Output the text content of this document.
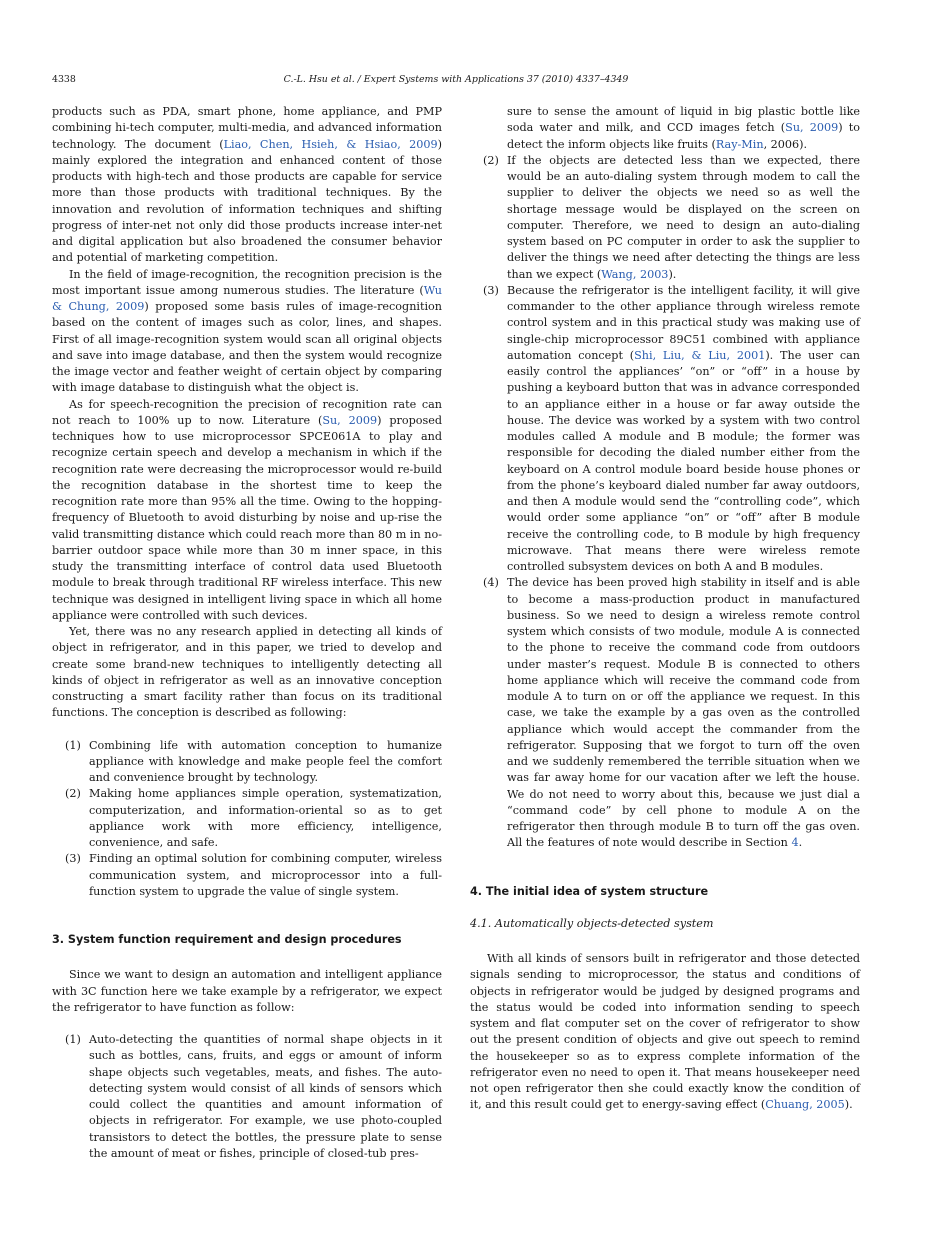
4338	C.-L. Hsu et al. / Expert Systems with Applications 37 (2010) 4337–4349

products such as PDA, smart phone, home appliance, and PMP combining hi-tech computer, multi-media, and advanced information technology. The document (Liao, Chen, Hsieh, & Hsiao, 2009) mainly explored the integration and enhanced content of those products with high-tech and those products are capable for service more than those products with traditional techniques. By the innovation and revolution of information techniques and shifting progress of inter-net not only did those products increase inter-net and digital application but also broadened the consumer behavior and potential of marketing competition.

In the field of image-recognition, the recognition precision is the most important issue among numerous studies. The literature (Wu & Chung, 2009) proposed some basis rules of image-recognition based on the content of images such as color, lines, and shapes. First of all image-recognition system would scan all original objects and save into image database, and then the system would recognize the image vector and feather weight of certain object by comparing with image database to distinguish what the object is.

As for speech-recognition the precision of recognition rate can not reach to 100% up to now. Literature (Su, 2009) proposed techniques how to use microprocessor SPCE061A to play and recognize certain speech and develop a mechanism in which if the recognition rate were decreasing the microprocessor would re-build the recognition database in the shortest time to keep the recognition rate more than 95% all the time. Owing to the hopping-frequency of Bluetooth to avoid disturbing by noise and up-rise the valid transmitting distance which could reach more than 80 m in no-barrier outdoor space while more than 30 m inner space, in this study the transmitting interface of control data used Bluetooth module to break through traditional RF wireless interface. This new technique was designed in intelligent living space in which all home appliance were controlled with such devices.

Yet, there was no any research applied in detecting all kinds of object in refrigerator, and in this paper, we tried to develop and create some brand-new techniques to intelligently detecting all kinds of object in refrigerator as well as an innovative conception constructing a smart facility rather than focus on its traditional functions. The conception is described as following:

(1) Combining life with automation conception to humanize appliance with knowledge and make people feel the comfort and convenience brought by technology.
(2) Making home appliances simple operation, systematization, computerization, and information-oriental so as to get appliance work with more efficiency, intelligence, convenience, and safe.
(3) Finding an optimal solution for combining computer, wireless communication system, and microprocessor into a full-function system to upgrade the value of single system.
3. System function requirement and design procedures

Since we want to design an automation and intelligent appliance with 3C function here we take example by a refrigerator, we expect the refrigerator to have function as follow:

(1) Auto-detecting the quantities of normal shape objects in it such as bottles, cans, fruits, and eggs or amount of inform shape objects such vegetables, meats, and fishes. The auto-detecting system would consist of all kinds of sensors which could collect the quantities and amount information of objects in refrigerator. For example, we use photo-coupled transistors to detect the bottles, the pressure plate to sense the amount of meat or fishes, principle of closed-tub pres-
sure to sense the amount of liquid in big plastic bottle like soda water and milk, and CCD images fetch (Su, 2009) to detect the inform objects like fruits (Ray-Min, 2006).
(2) If the objects are detected less than we expected, there would be an auto-dialing system through modem to call the supplier to deliver the objects we need so as well the shortage message would be displayed on the screen on computer. Therefore, we need to design an auto-dialing system based on PC computer in order to ask the supplier to deliver the things we need after detecting the things are less than we expect (Wang, 2003).
(3) Because the refrigerator is the intelligent facility, it will give commander to the other appliance through wireless remote control system and in this practical study was making use of single-chip microprocessor 89C51 combined with appliance automation concept (Shi, Liu, & Liu, 2001). The user can easily control the appliances’ “on” or “off” in a house by pushing a keyboard button that was in advance corresponded to an appliance either in a house or far away outside the house. The device was worked by a system with two control modules called A module and B module; the former was responsible for decoding the dialed number either from the keyboard on A control module board beside house phones or from the phone’s keyboard dialed number far away outdoors, and then A module would send the “controlling code”, which would order some appliance “on” or “off” after B module receive the controlling code, to B module by high frequency microwave. That means there were wireless remote controlled subsystem devices on both A and B modules.
(4) The device has been proved high stability in itself and is able to become a mass-production product in manufactured business. So we need to design a wireless remote control system which consists of two module, module A is connected to the phone to receive the command code from outdoors under master’s request. Module B is connected to others home appliance which will receive the command code from module A to turn on or off the appliance we request. In this case, we take the example by a gas oven as the controlled appliance which would accept the commander from the refrigerator. Supposing that we forgot to turn off the oven and we suddenly remembered the terrible situation when we was far away home for our vacation after we left the house. We do not need to worry about this, because we just dial a “command code” by cell phone to module A on the refrigerator then through module B to turn off the gas oven. All the features of note would describe in Section 4.
4. The initial idea of system structure
4.1. Automatically objects-detected system

With all kinds of sensors built in refrigerator and those detected signals sending to microprocessor, the status and conditions of objects in refrigerator would be judged by designed programs and the status would be coded into information sending to speech system and flat computer set on the cover of refrigerator to show out the present condition of objects and give out speech to remind the housekeeper so as to express complete information of the refrigerator even no need to open it. That means housekeeper need not open refrigerator then she could exactly know the condition of it, and this result could get to energy-saving effect (Chuang, 2005).
